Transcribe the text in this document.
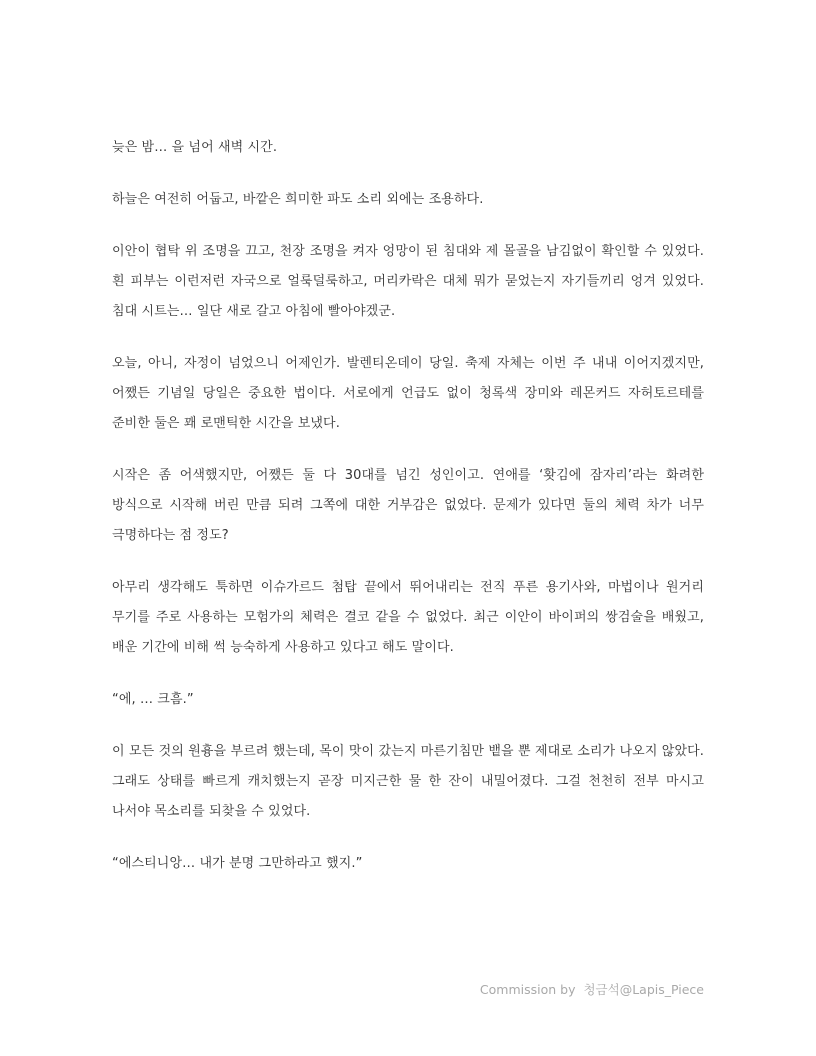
늦은 밤… 을 넘어 새벽 시간.

하늘은 여전히 어둡고, 바깥은 희미한 파도 소리 외에는 조용하다.

이안이 협탁 위 조명을 끄고, 천장 조명을 켜자 엉망이 된 침대와 제 몰골을 남김없이 확인할 수 있었다. 흰 피부는 이런저런 자국으로 얼룩덜룩하고, 머리카락은 대체 뭐가 묻었는지 자기들끼리 엉겨 있었다. 침대 시트는… 일단 새로 갈고 아침에 빨아야겠군.

오늘, 아니, 자정이 넘었으니 어제인가. 발렌티온데이 당일. 축제 자체는 이번 주 내내 이어지겠지만, 어쨌든 기념일 당일은 중요한 법이다. 서로에게 언급도 없이 청록색 장미와 레몬커드 자허토르테를 준비한 둘은 꽤 로맨틱한 시간을 보냈다.

시작은 좀 어색했지만, 어쨌든 둘 다 30대를 넘긴 성인이고. 연애를 ‘홧김에 잠자리’라는 화려한 방식으로 시작해 버린 만큼 되려 그쪽에 대한 거부감은 없었다. 문제가 있다면 둘의 체력 차가 너무 극명하다는 점 정도?

아무리 생각해도 툭하면 이슈가르드 첨탑 끝에서 뛰어내리는 전직 푸른 용기사와, 마법이나 원거리 무기를 주로 사용하는 모험가의 체력은 결코 같을 수 없었다. 최근 이안이 바이퍼의 쌍검술을 배웠고, 배운 기간에 비해 썩 능숙하게 사용하고 있다고 해도 말이다.

“에, … 크흠.”

이 모든 것의 원흉을 부르려 했는데, 목이 맛이 갔는지 마른기침만 뱉을 뿐 제대로 소리가 나오지 않았다. 그래도 상태를 빠르게 캐치했는지 곧장 미지근한 물 한 잔이 내밀어졌다. 그걸 천천히 전부 마시고 나서야 목소리를 되찾을 수 있었다.

“에스티니앙… 내가 분명 그만하라고 했지.”

Commission by 청금석@Lapis_Piece
